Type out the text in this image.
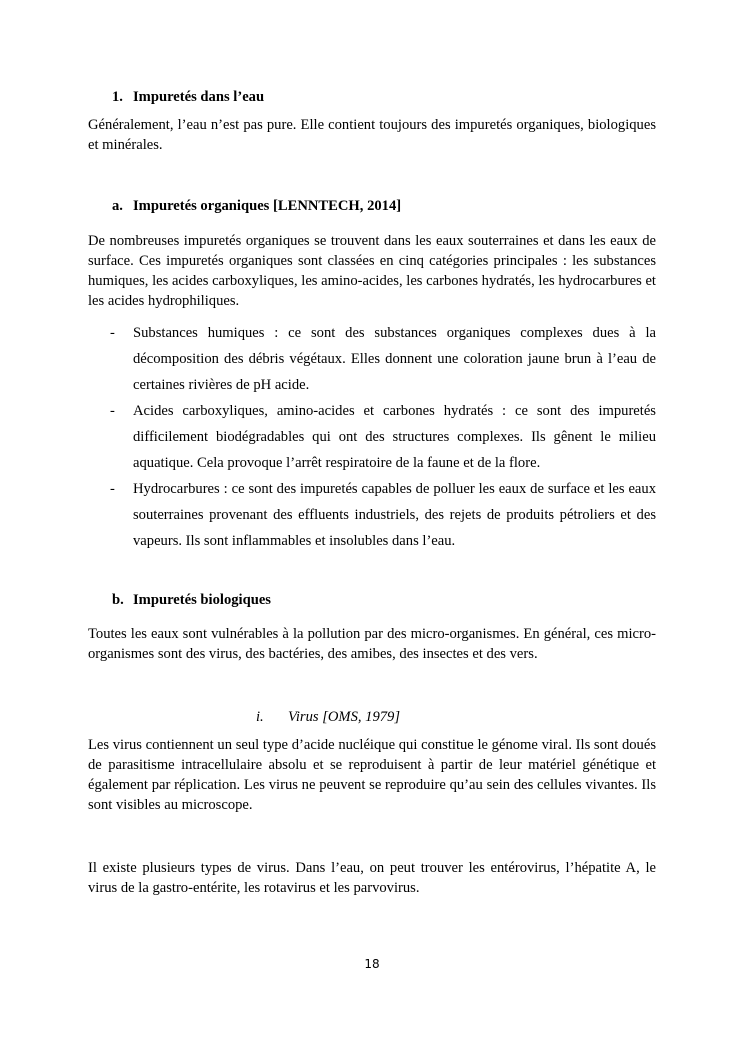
1. Impuretés dans l’eau

Généralement, l’eau n’est pas pure. Elle contient toujours des impuretés organiques, biologiques et minérales.

a. Impuretés organiques [LENNTECH, 2014]

De nombreuses impuretés organiques se trouvent dans les eaux souterraines et dans les eaux de surface. Ces impuretés organiques sont classées en cinq catégories principales : les substances humiques, les acides carboxyliques, les amino-acides, les carbones hydratés, les hydrocarbures et les acides hydrophiliques.

- Substances humiques : ce sont des substances organiques complexes dues à la décomposition des débris végétaux. Elles donnent une coloration jaune brun à l’eau de certaines rivières de pH acide.
- Acides carboxyliques, amino-acides et carbones hydratés : ce sont des impuretés difficilement biodégradables qui ont des structures complexes. Ils gênent le milieu aquatique. Cela provoque l’arrêt respiratoire de la faune et de la flore.
- Hydrocarbures : ce sont des impuretés capables de polluer les eaux de surface et les eaux souterraines provenant des effluents industriels, des rejets de produits pétroliers et des vapeurs. Ils sont inflammables et insolubles dans l’eau.
b. Impuretés biologiques

Toutes les eaux sont vulnérables à la pollution par des micro-organismes. En général, ces micro-organismes sont des virus, des bactéries, des amibes, des insectes et des vers.

i. Virus [OMS, 1979]

Les virus contiennent un seul type d’acide nucléique qui constitue le génome viral. Ils sont doués de parasitisme intracellulaire absolu et se reproduisent à partir de leur matériel génétique et également par réplication. Les virus ne peuvent se reproduire qu’au sein des cellules vivantes. Ils sont visibles au microscope.

Il existe plusieurs types de virus. Dans l’eau, on peut trouver les entérovirus, l’hépatite A, le virus de la gastro-entérite, les rotavirus et les parvovirus.

18
